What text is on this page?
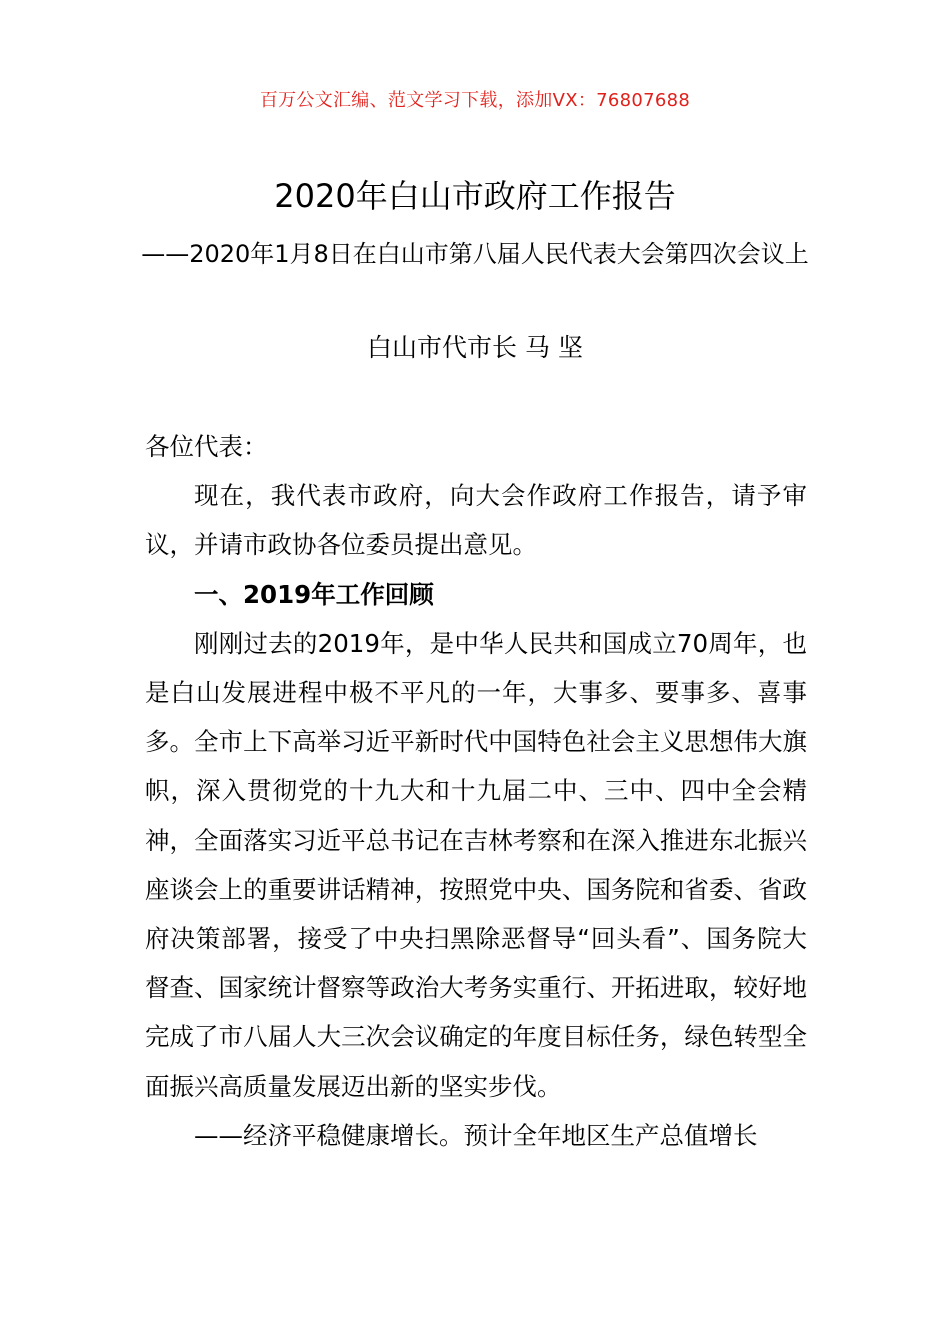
百万公文汇编、范文学习下载，添加VX：76807688
2020年白山市政府工作报告
——2020年1月8日在白山市第八届人民代表大会第四次会议上
白山市代市长 马 坚

各位代表：

现在，我代表市政府，向大会作政府工作报告，请予审议，并请市政协各位委员提出意见。

一、2019年工作回顾

刚刚过去的2019年，是中华人民共和国成立70周年，也是白山发展进程中极不平凡的一年，大事多、要事多、喜事多。全市上下高举习近平新时代中国特色社会主义思想伟大旗帜，深入贯彻党的十九大和十九届二中、三中、四中全会精神，全面落实习近平总书记在吉林考察和在深入推进东北振兴座谈会上的重要讲话精神，按照党中央、国务院和省委、省政府决策部署，接受了中央扫黑除恶督导“回头看”、国务院大督查、国家统计督察等政治大考务实重行、开拓进取，较好地完成了市八届人大三次会议确定的年度目标任务，绿色转型全面振兴高质量发展迈出新的坚实步伐。

——经济平稳健康增长。预计全年地区生产总值增长
